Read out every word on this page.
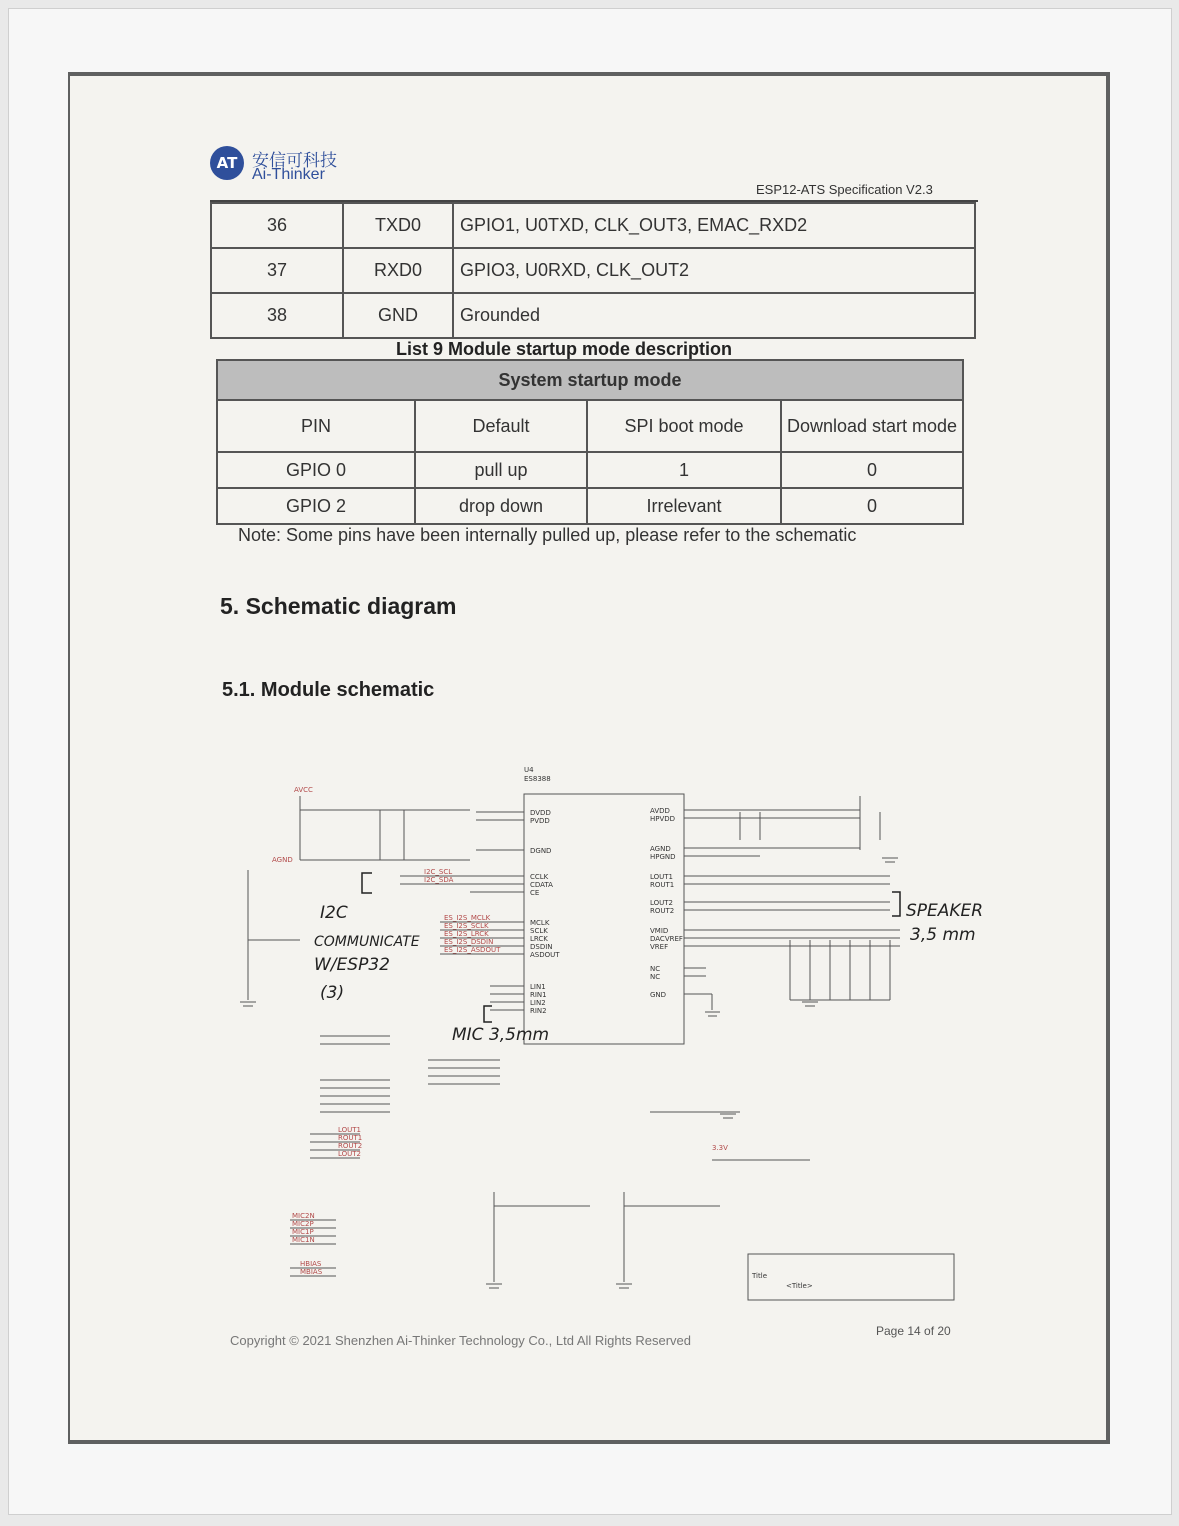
AT 安信可科技
Ai-Thinker
ESP12-ATS Specification V2.3
36	TXD0	GPIO1, U0TXD, CLK_OUT3, EMAC_RXD2
37	RXD0	GPIO3, U0RXD, CLK_OUT2
38	GND	Grounded
List 9 Module startup mode description
System startup mode			
PIN	Default	SPI boot mode	Download start mode
GPIO 0	pull up	1	0
GPIO 2	drop down	Irrelevant	0
Note: Some pins have been internally pulled up, please refer to the schematic
5. Schematic diagram
5.1. Module schematic
U4
ES8388
DVDD
PVDD
DGND
CCLK
CDATA
CE
MCLK
SCLK
LRCK
DSDIN
ASDOUT
LIN1
RIN1
LIN2
RIN2
AVDD
HPVDD
AGND
HPGND
LOUT1
ROUT1
LOUT2
ROUT2
VMID
DACVREF
VREF
NC
NC
GND
AVCC
AGND
I2C_SCL
I2C_SDA
ES_I2S_MCLK
ES_I2S_SCLK
ES_I2S_LRCK
ES_I2S_DSDIN
ES_I2S_ASDOUT
LOUT1
ROUT1
ROUT2
LOUT2
MIC2N
MIC2P
MIC1P
MIC1N
HBIAS
MBIAS
3.3V
I2C
COMMUNICATE
W/ESP32
(3)
MIC 3,5mm
SPEAKER
3,5 mm
Title
<Title>
Copyright © 2021 Shenzhen Ai-Thinker Technology Co., Ltd All Rights Reserved
Page 14 of 20
